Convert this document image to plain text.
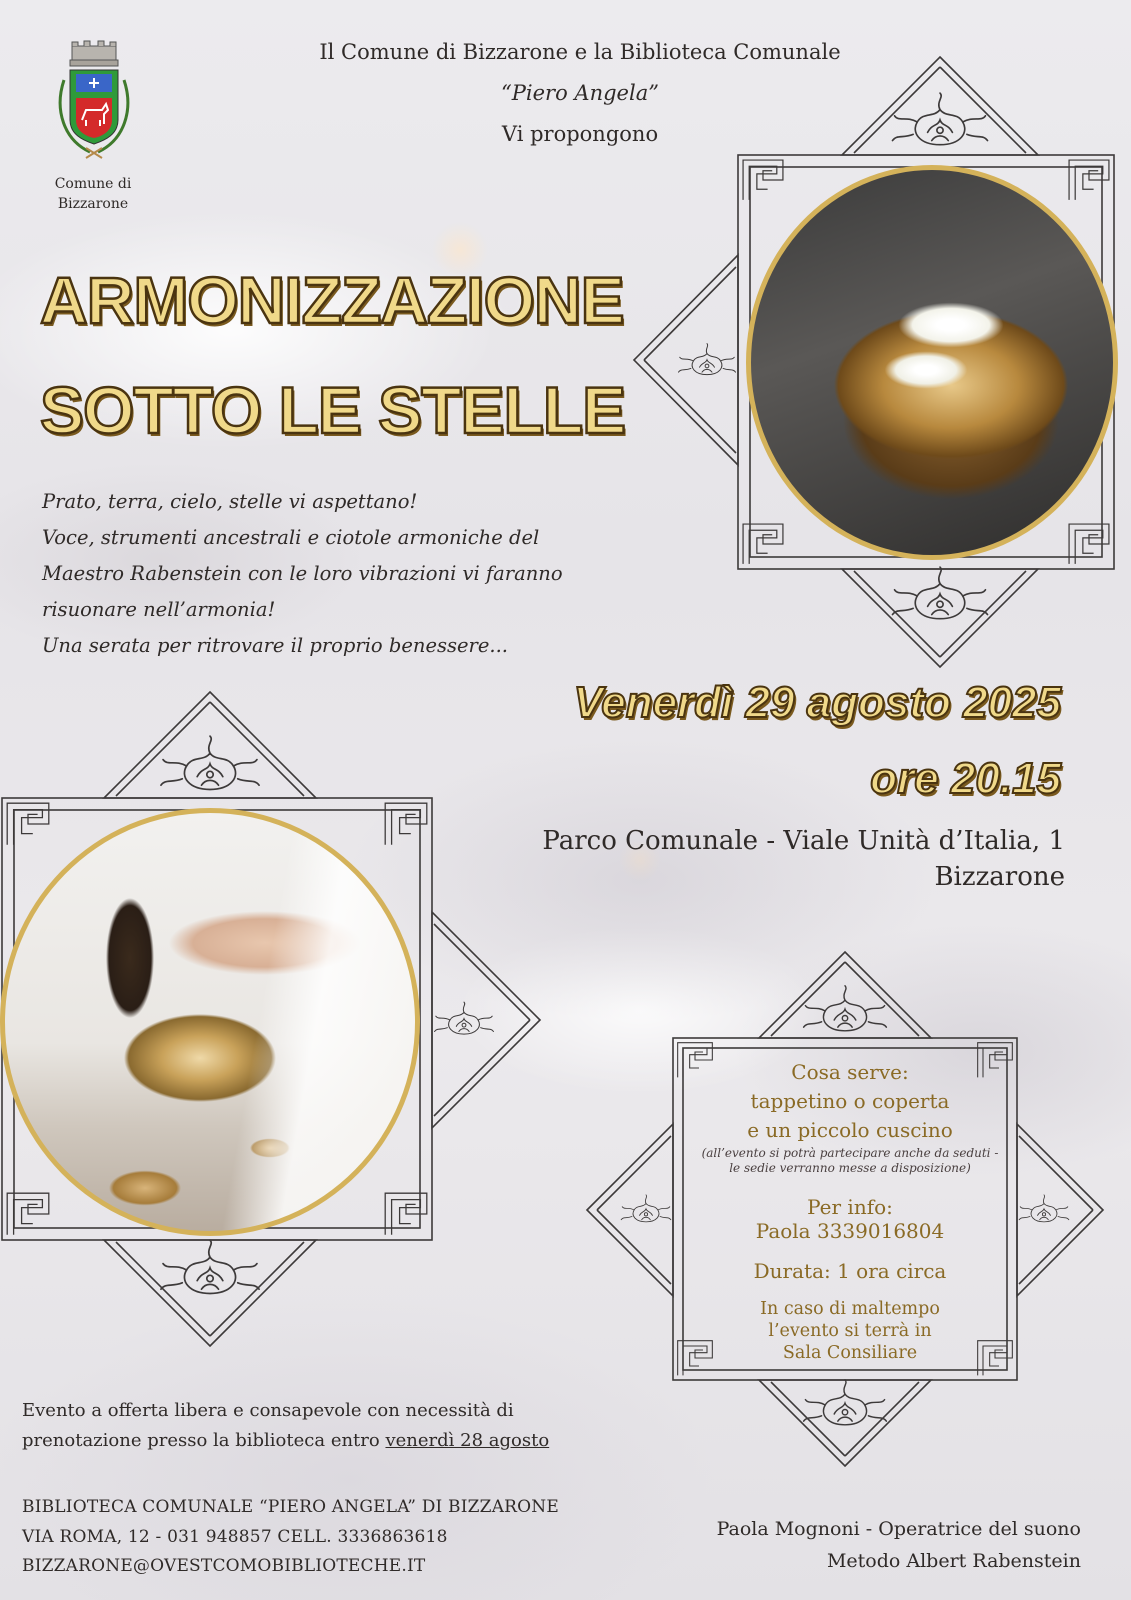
Comune di
Bizzarone
Il Comune di Bizzarone e la Biblioteca Comunale
“Piero Angela”
Vi propongono
ARMONIZZAZIONE
SOTTO LE STELLE
Prato, terra, cielo, stelle vi aspettano!
Voce, strumenti ancestrali e ciotole armoniche del
Maestro Rabenstein con le loro vibrazioni vi faranno
risuonare nell’armonia!
Una serata per ritrovare il proprio benessere...
Venerdì 29 agosto 2025
ore 20.15
Parco Comunale - Viale Unità d’Italia, 1
Bizzarone
Cosa serve:
tappetino o coperta
e un piccolo cuscino
(all’evento si potrà partecipare anche da seduti -
le sedie verranno messe a disposizione)
Per info:
Paola 3339016804
Durata: 1 ora circa
In caso di maltempo
l’evento si terrà in
Sala Consiliare
Evento a offerta libera e consapevole con necessità di
prenotazione presso la biblioteca entro venerdì 28 agosto
BIBLIOTECA COMUNALE “PIERO ANGELA” DI BIZZARONE
VIA ROMA, 12 - 031 948857 CELL. 3336863618
BIZZARONE@OVESTCOMOBIBLIOTECHE.IT
Paola Mognoni - Operatrice del suono
Metodo Albert Rabenstein
